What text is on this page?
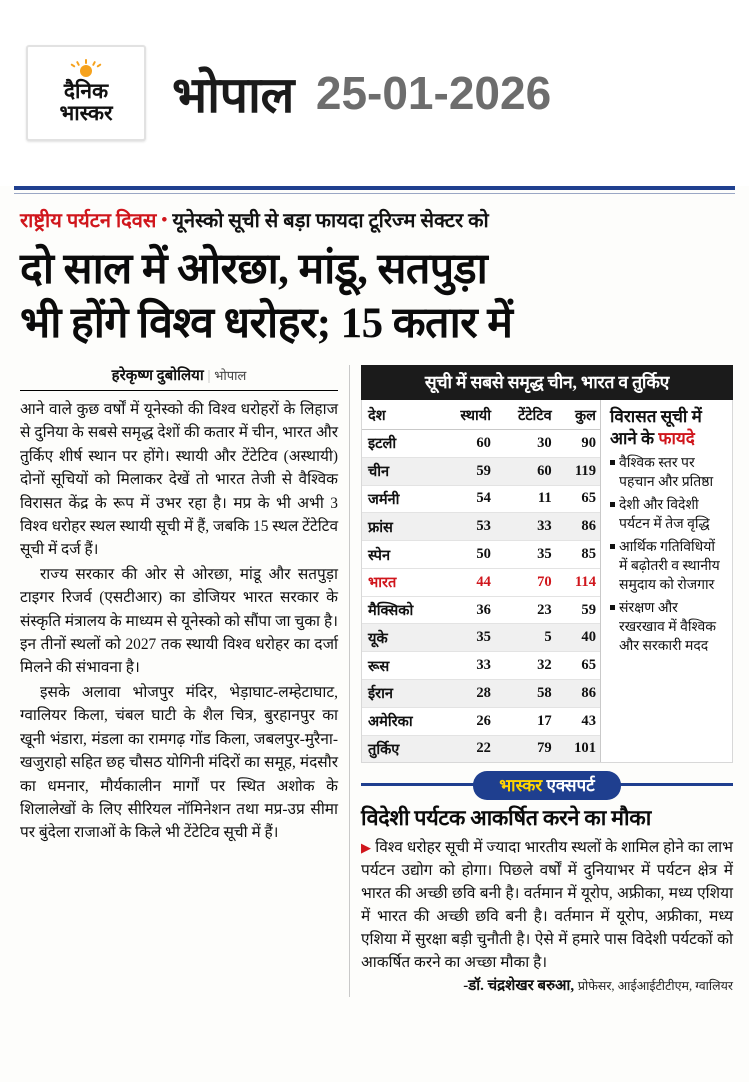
दैनिक
भास्कर भोपाल 25-01-2026
राष्ट्रीय पर्यटन दिवस • यूनेस्को सूची से बड़ा फायदा टूरिज्म सेक्टर को
दो साल में ओरछा, मांडू, सतपुड़ा
भी होंगे विश्व धरोहर; 15 कतार में
हरेकृष्ण दुबोलिया | भोपाल

आने वाले कुछ वर्षों में यूनेस्को की विश्व धरोहरों के लिहाज से दुनिया के सबसे समृद्ध देशों की कतार में चीन, भारत और तुर्किए शीर्ष स्थान पर होंगे। स्थायी और टेंटेटिव (अस्थायी) दोनों सूचियों को मिलाकर देखें तो भारत तेजी से वैश्विक विरासत केंद्र के रूप में उभर रहा है। मप्र के भी अभी 3 विश्व धरोहर स्थल स्थायी सूची में हैं, जबकि 15 स्थल टेंटेटिव सूची में दर्ज हैं।

राज्य सरकार की ओर से ओरछा, मांडू और सतपुड़ा टाइगर रिजर्व (एसटीआर) का डोजियर भारत सरकार के संस्कृति मंत्रालय के माध्यम से यूनेस्को को सौंपा जा चुका है। इन तीनों स्थलों को 2027 तक स्थायी विश्व धरोहर का दर्जा मिलने की संभावना है।

इसके अलावा भोजपुर मंदिर, भेड़ाघाट-लम्हेटाघाट, ग्वालियर किला, चंबल घाटी के शैल चित्र, बुरहानपुर का खूनी भंडारा, मंडला का रामगढ़ गोंड किला, जबलपुर-मुरैना-खजुराहो सहित छह चौसठ योगिनी मंदिरों का समूह, मंदसौर का धमनार, मौर्यकालीन मार्गों पर स्थित अशोक के शिलालेखों के लिए सीरियल नॉमिनेशन तथा मप्र-उप्र सीमा पर बुंदेला राजाओं के किले भी टेंटेटिव सूची में हैं।

सूची में सबसे समृद्ध चीन, भारत व तुर्किए
देश	स्थायी	टेंटेटिव	कुल
इटली	60	30	90
चीन	59	60	119
जर्मनी	54	11	65
फ्रांस	53	33	86
स्पेन	50	35	85
भारत	44	70	114
मैक्सिको	36	23	59
यूके	35	5	40
रूस	33	32	65
ईरान	28	58	86
अमेरिका	26	17	43
तुर्किए	22	79	101
विरासत सूची में आने के फायदे
वैश्विक स्तर पर पहचान और प्रतिष्ठा
देशी और विदेशी पर्यटन में तेज वृद्धि
आर्थिक गतिविधियों में बढ़ोतरी व स्थानीय समुदाय को रोजगार
संरक्षण और रखरखाव में वैश्विक और सरकारी मदद
भास्कर एक्सपर्ट
विदेशी पर्यटक आकर्षित करने का मौका
▶ विश्व धरोहर सूची में ज्यादा भारतीय स्थलों के शामिल होने का लाभ पर्यटन उद्योग को होगा। पिछले वर्षों में दुनियाभर में पर्यटन क्षेत्र में भारत की अच्छी छवि बनी है। वर्तमान में यूरोप, अफ्रीका, मध्य एशिया में भारत की अच्छी छवि बनी है। वर्तमान में यूरोप, अफ्रीका, मध्य एशिया में सुरक्षा बड़ी चुनौती है। ऐसे में हमारे पास विदेशी पर्यटकों को आकर्षित करने का अच्छा मौका है।
-डॉ. चंद्रशेखर बरुआ, प्रोफेसर, आईआईटीटीएम, ग्वालियर
